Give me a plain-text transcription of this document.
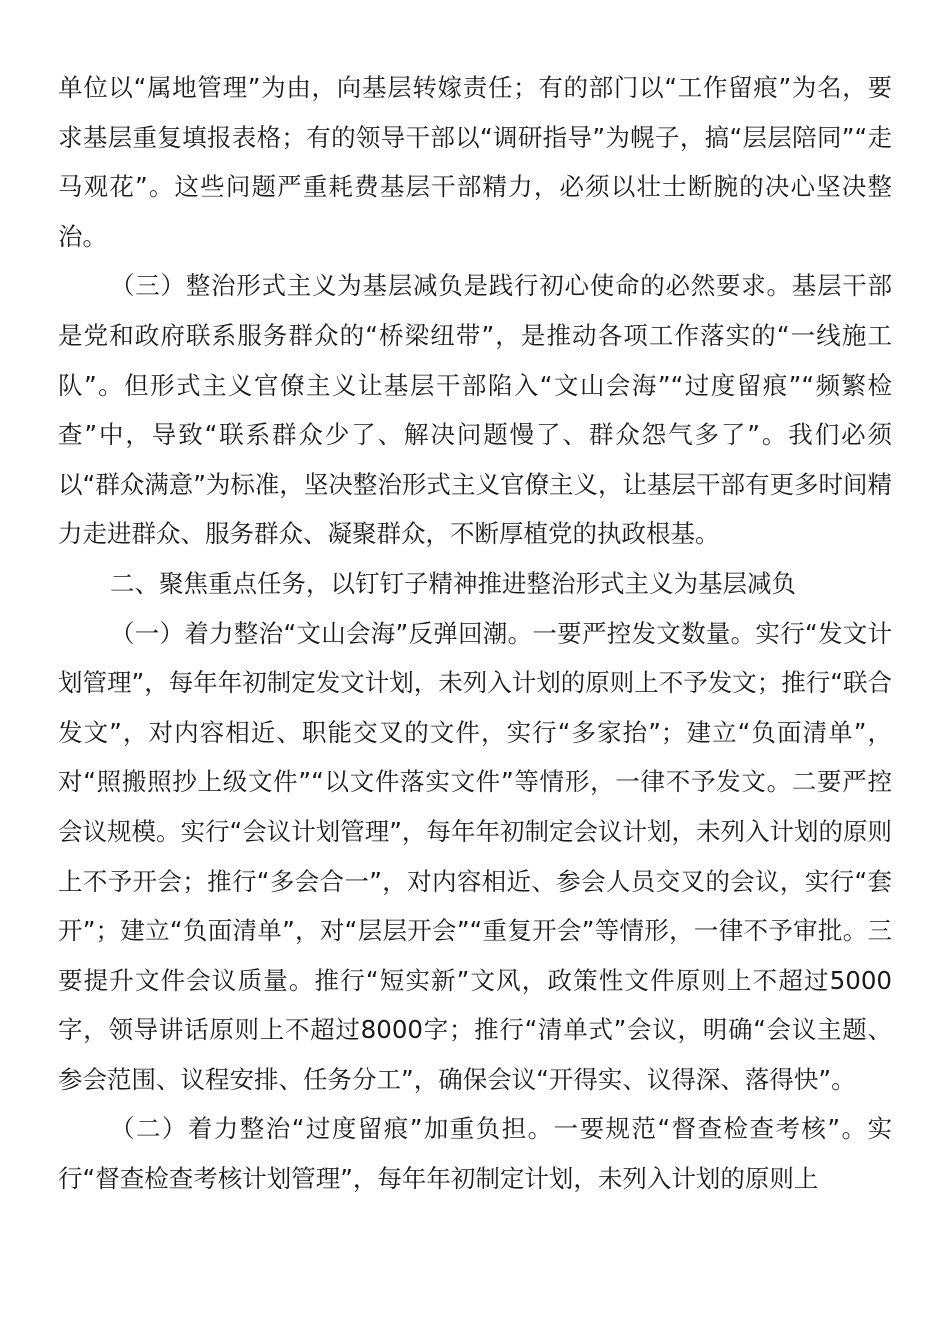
单位以“属地管理”为由，向基层转嫁责任；有的部门以“工作留痕”为名，要求基层重复填报表格；有的领导干部以“调研指导”为幌子，搞“层层陪同”“走马观花”。这些问题严重耗费基层干部精力，必须以壮士断腕的决心坚决整治。

（三）整治形式主义为基层减负是践行初心使命的必然要求。基层干部是党和政府联系服务群众的“桥梁纽带”，是推动各项工作落实的“一线施工队”。但形式主义官僚主义让基层干部陷入“文山会海”“过度留痕”“频繁检查”中，导致“联系群众少了、解决问题慢了、群众怨气多了”。我们必须以“群众满意”为标准，坚决整治形式主义官僚主义，让基层干部有更多时间精力走进群众、服务群众、凝聚群众，不断厚植党的执政根基。

二、聚焦重点任务，以钉钉子精神推进整治形式主义为基层减负

（一）着力整治“文山会海”反弹回潮。一要严控发文数量。实行“发文计划管理”，每年年初制定发文计划，未列入计划的原则上不予发文；推行“联合发文”，对内容相近、职能交叉的文件，实行“多家抬”；建立“负面清单”，对“照搬照抄上级文件”“以文件落实文件”等情形，一律不予发文。二要严控会议规模。实行“会议计划管理”，每年年初制定会议计划，未列入计划的原则上不予开会；推行“多会合一”，对内容相近、参会人员交叉的会议，实行“套开”；建立“负面清单”，对“层层开会”“重复开会”等情形，一律不予审批。三要提升文件会议质量。推行“短实新”文风，政策性文件原则上不超过5000字，领导讲话原则上不超过8000字；推行“清单式”会议，明确“会议主题、参会范围、议程安排、任务分工”，确保会议“开得实、议得深、落得快”。

（二）着力整治“过度留痕”加重负担。一要规范“督查检查考核”。实行“督查检查考核计划管理”，每年年初制定计划，未列入计划的原则上
